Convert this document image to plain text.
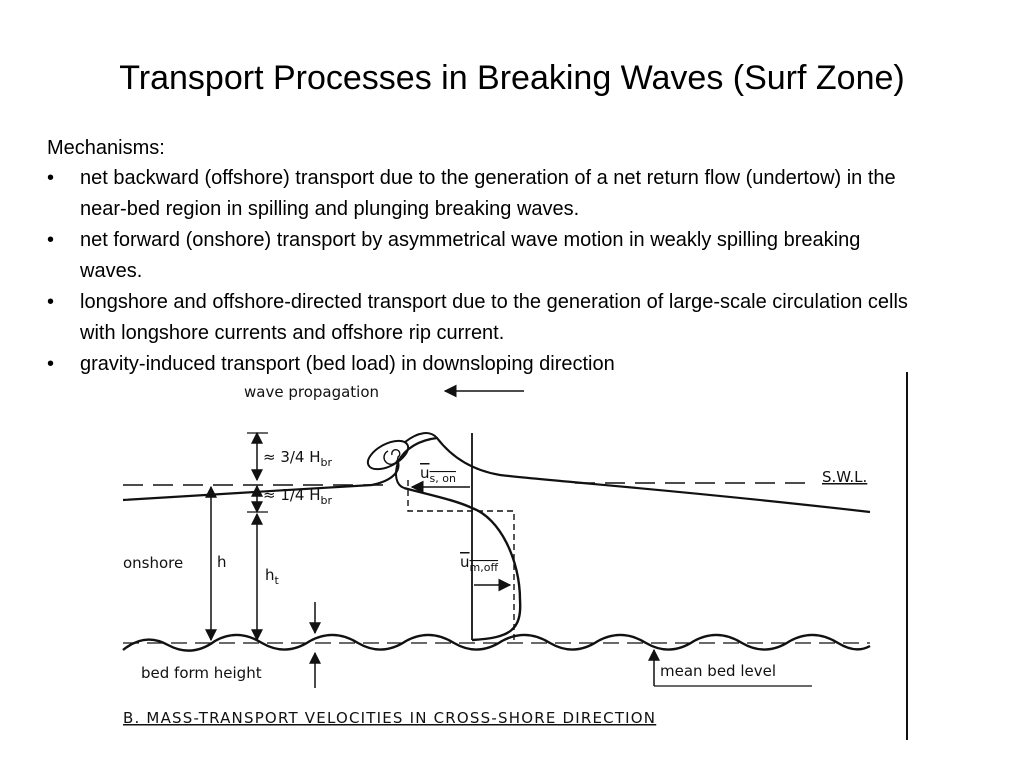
Transport Processes in Breaking Waves (Surf Zone)
Mechanisms:
• net backward (offshore) transport due to the generation of a net return flow (undertow) in the near-bed region in spilling and plunging breaking waves.
• net forward (onshore) transport by asymmetrical wave motion in weakly spilling breaking waves.
• longshore and offshore-directed transport due to the generation of large-scale circulation cells with longshore currents and offshore rip current.
• gravity-induced transport (bed load) in downsloping direction
wave propagation
S.W.L.
$u_{s, on}$
$u_{m,off}$
≈ 3/4 $H_{br}$
≈ 1/4 $H_{br}$
onshore h
$h_t$
bed form height	mean bed level
B. MASS-TRANSPORT VELOCITIES IN CROSS-SHORE DIRECTION
